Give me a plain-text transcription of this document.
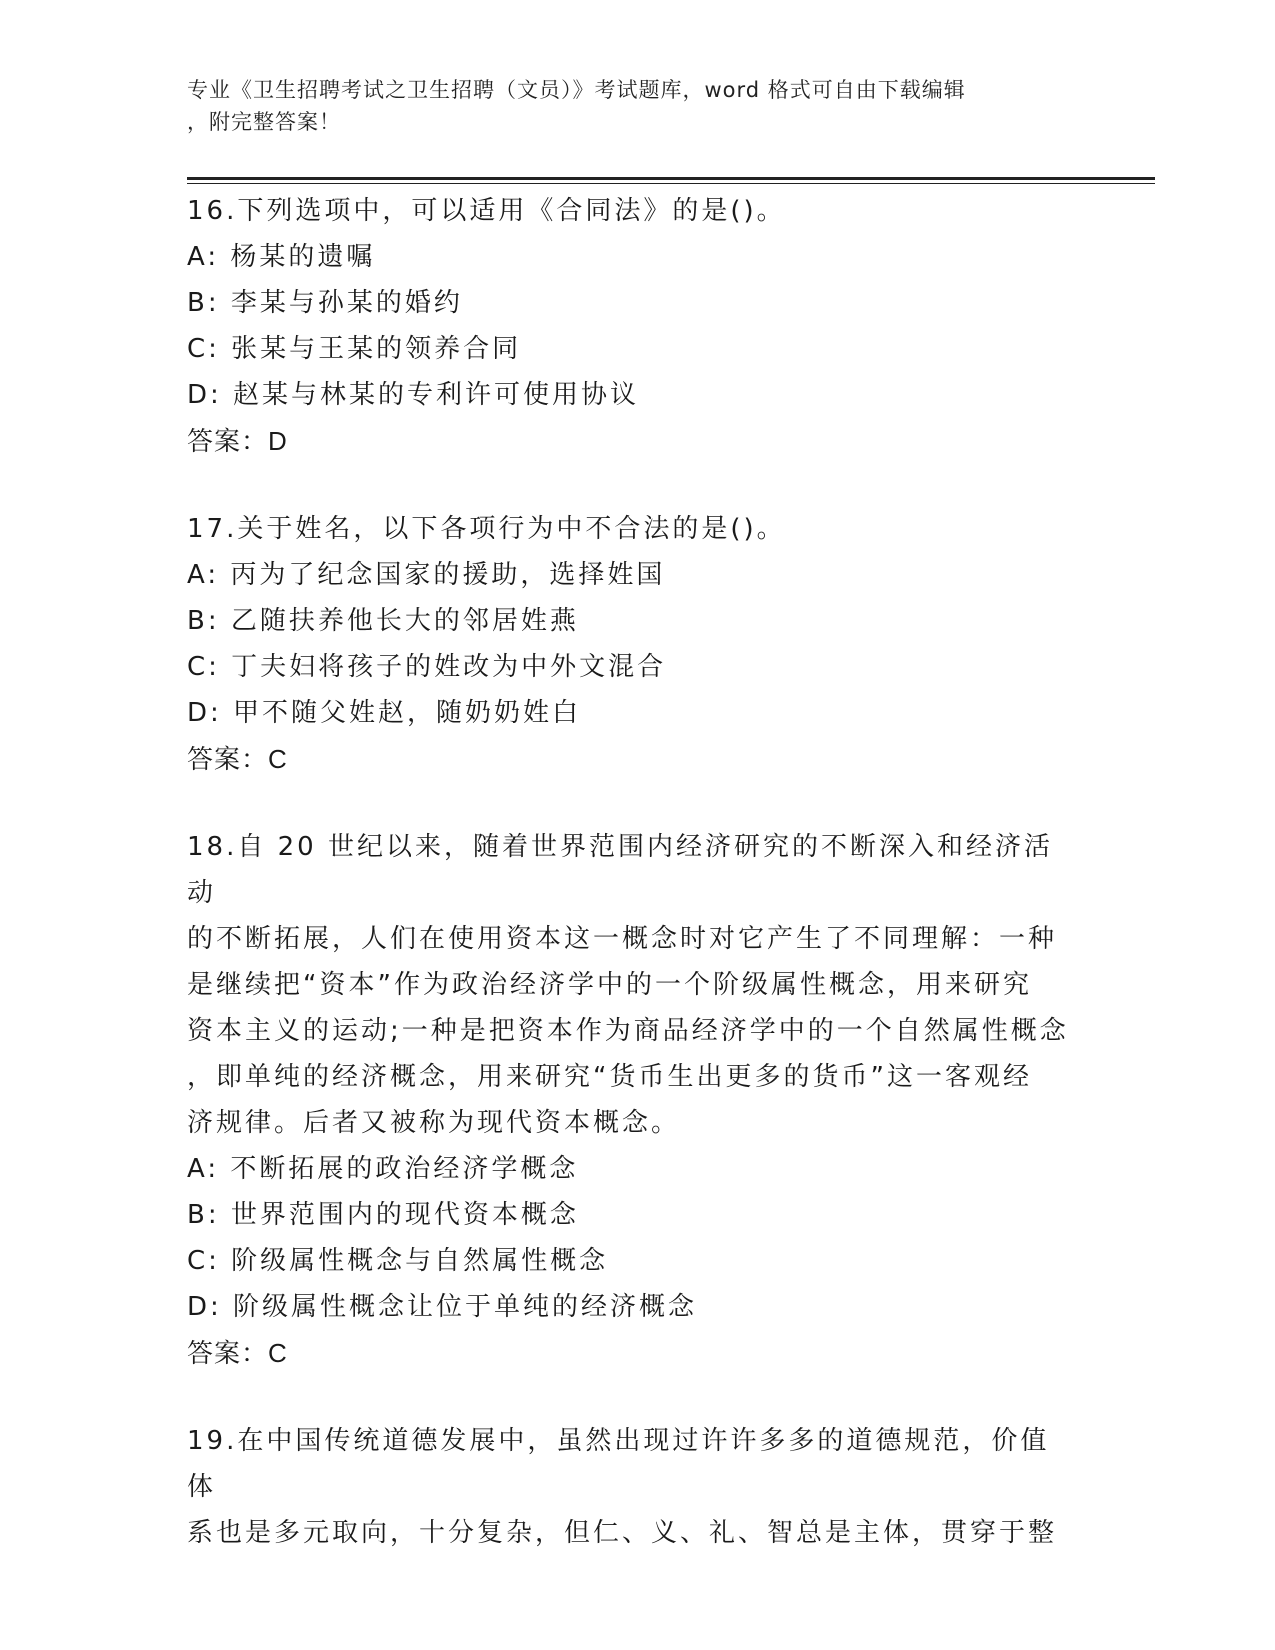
专业《卫生招聘考试之卫生招聘（文员）》考试题库，word 格式可自由下载编辑
，附完整答案！
16.下列选项中，可以适用《合同法》的是()。
A: 杨某的遗嘱
B: 李某与孙某的婚约
C: 张某与王某的领养合同
D: 赵某与林某的专利许可使用协议
答案：D
17.关于姓名，以下各项行为中不合法的是()。
A: 丙为了纪念国家的援助，选择姓国
B: 乙随扶养他长大的邻居姓燕
C: 丁夫妇将孩子的姓改为中外文混合
D: 甲不随父姓赵，随奶奶姓白
答案：C
18.自 20 世纪以来，随着世界范围内经济研究的不断深入和经济活动
的不断拓展，人们在使用资本这一概念时对它产生了不同理解：一种
是继续把“资本”作为政治经济学中的一个阶级属性概念，用来研究
资本主义的运动;一种是把资本作为商品经济学中的一个自然属性概念
，即单纯的经济概念，用来研究“货币生出更多的货币”这一客观经
济规律。后者又被称为现代资本概念。
A: 不断拓展的政治经济学概念
B: 世界范围内的现代资本概念
C: 阶级属性概念与自然属性概念
D: 阶级属性概念让位于单纯的经济概念
答案：C
19.在中国传统道德发展中，虽然出现过许许多多的道德规范，价值体
系也是多元取向，十分复杂，但仁、义、礼、智总是主体，贯穿于整
